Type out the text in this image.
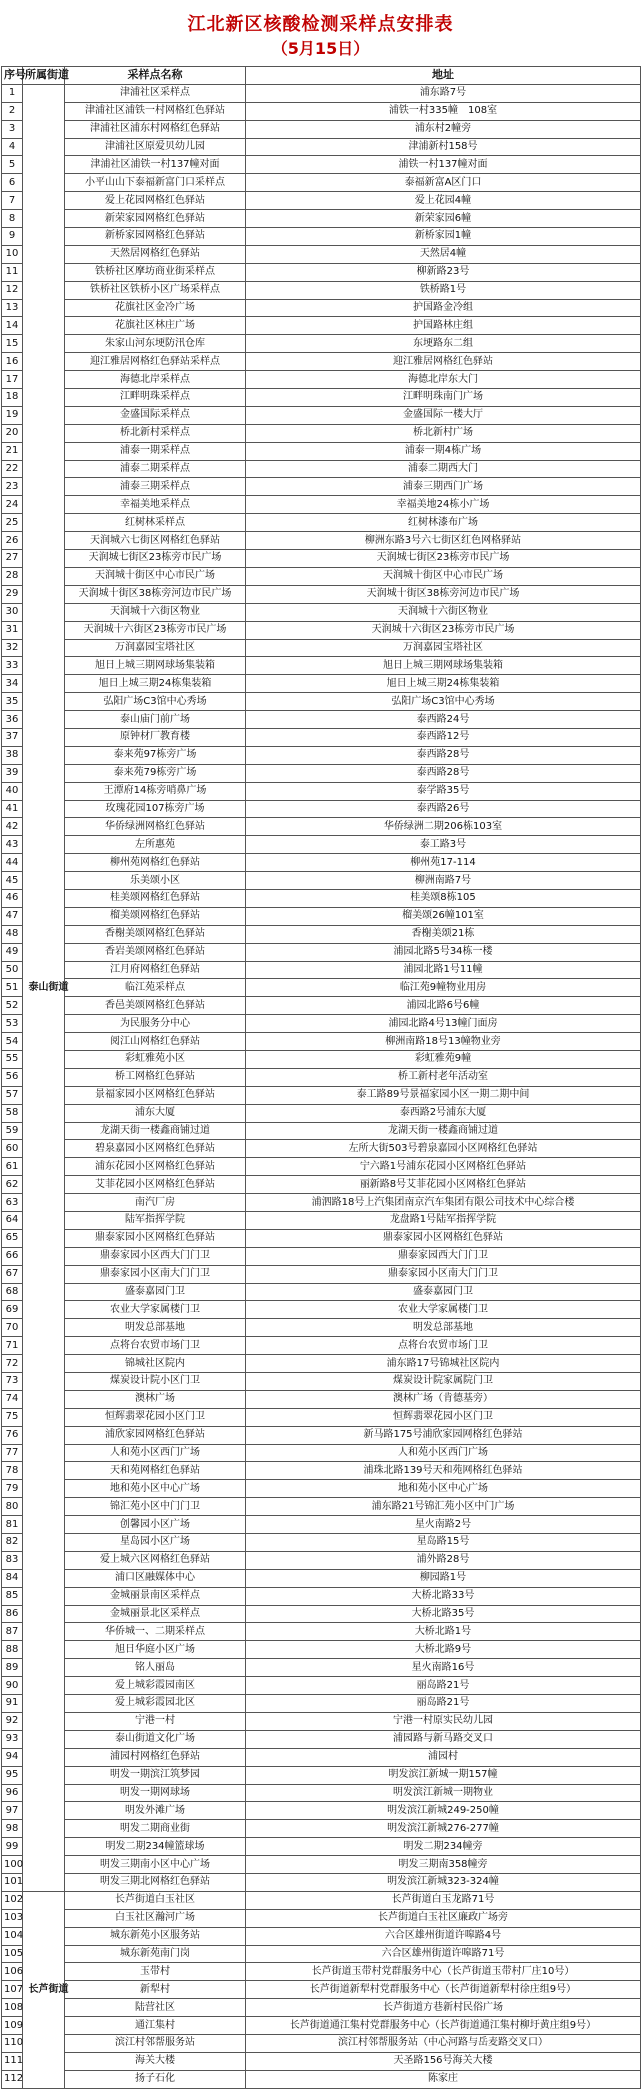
江北新区核酸检测采样点安排表
（5月15日）
序号	所属街道	采样点名称	地址
1	泰山街道	津浦社区采样点	浦东路7号
2		津浦社区浦铁一村网格红色驿站	浦铁一村335幢　108室
3		津浦社区浦东村网格红色驿站	浦东村2幢旁
4		津浦社区原爱贝幼儿园	津浦新村158号
5		津浦社区浦铁一村137幢对面	浦铁一村137幢对面
6		小平山山下泰福新富门口采样点	泰福新富A区门口
7		爱上花园网格红色驿站	爱上花园4幢
8		新荣家园网格红色驿站	新荣家园6幢
9		新桥家园网格红色驿站	新桥家园1幢
10		天然居网格红色驿站	天然居4幢
11		铁桥社区摩坊商业街采样点	柳新路23号
12		铁桥社区铁桥小区广场采样点	铁桥路1号
13		花旗社区金冷广场	护国路金冷组
14		花旗社区林庄广场	护国路林庄组
15		朱家山河东埂防汛仓库	东埂路东二组
16		迎江雅居网格红色驿站采样点	迎江雅居网格红色驿站
17		海德北岸采样点	海德北岸东大门
18		江畔明珠采样点	江畔明珠南门广场
19		金盛国际采样点	金盛国际一楼大厅
20		桥北新村采样点	桥北新村广场
21		浦泰一期采样点	浦泰一期4栋广场
22		浦泰二期采样点	浦泰二期西大门
23		浦泰三期采样点	浦泰三期西门广场
24		幸福美地采样点	幸福美地24栋小广场
25		红树林采样点	红树林漆布广场
26		天润城六七街区网格红色驿站	柳洲东路3号六七街区红色网格驿站
27		天润城七街区23栋旁市民广场	天润城七街区23栋旁市民广场
28		天润城十街区中心市民广场	天润城十街区中心市民广场
29		天润城十街区38栋旁河边市民广场	天润城十街区38栋旁河边市民广场
30		天润城十六街区物业	天润城十六街区物业
31		天润城十六街区23栋旁市民广场	天润城十六街区23栋旁市民广场
32		万润嘉园宝塔社区	万润嘉园宝塔社区
33		旭日上城三期网球场集装箱	旭日上城三期网球场集装箱
34		旭日上城三期24栋集装箱	旭日上城三期24栋集装箱
35		弘阳广场C3馆中心秀场	弘阳广场C3馆中心秀场
36		泰山庙门前广场	泰西路24号
37		原钟材厂教育楼	泰西路12号
38		泰来苑97栋旁广场	泰西路28号
39		泰来苑79栋旁广场	泰西路28号
40		王潭府14栋旁哨鼻广场	泰学路35号
41		玫瑰花园107栋旁广场	泰西路26号
42		华侨绿洲网格红色驿站	华侨绿洲二期206栋103室
43		左所惠苑	泰工路3号
44		柳州苑网格红色驿站	柳州苑17-114
45		乐美颂小区	柳洲南路7号
46		桂美颂网格红色驿站	桂美颂8栋105
47		榴美颂网格红色驿站	榴美颂26幢101室
48		香榭美颂网格红色驿站	香榭美颂21栋
49		香岩美颂网格红色驿站	浦园北路5号34栋一楼
50		江月府网格红色驿站	浦园北路1号11幢
51		临江苑采样点	临江苑9幢物业用房
52		香邑美颂网格红色驿站	浦园北路6号6幢
53		为民服务分中心	浦园北路4号13幢门面房
54		阅江山网格红色驿站	柳洲南路18号13幢物业旁
55		彩虹雅苑小区	彩虹雅苑9幢
56		桥工网格红色驿站	桥工新村老年活动室
57		景福家园小区网格红色驿站	泰工路89号景福家园小区一期二期中间
58		浦东大厦	泰西路2号浦东大厦
59		龙湖天街一楼鑫商铺过道	龙湖天街一楼鑫商铺过道
60		碧泉嘉园小区网格红色驿站	左所大街503号碧泉嘉园小区网格红色驿站
61		浦东花园小区网格红色驿站	宁六路1号浦东花园小区网格红色驿站
62		艾菲花园小区网格红色驿站	丽新路8号艾菲花园小区网格红色驿站
63		南汽厂房	浦泗路18号上汽集团南京汽车集团有限公司技术中心综合楼
64		陆军指挥学院	龙盘路1号陆军指挥学院
65		鼎泰家园小区网格红色驿站	鼎泰家园小区网格红色驿站
66		鼎泰家园小区西大门门卫	鼎泰家园西大门门卫
67		鼎泰家园小区南大门门卫	鼎泰家园小区南大门门卫
68		盛泰嘉园门卫	盛泰嘉园门卫
69		农业大学家属楼门卫	农业大学家属楼门卫
70		明发总部基地	明发总部基地
71		点将台农贸市场门卫	点将台农贸市场门卫
72		锦城社区院内	浦东路17号锦城社区院内
73		煤炭设计院小区门卫	煤炭设计院家属院门卫
74		澳林广场	澳林广场（肯德基旁）
75		恒辉翡翠花园小区门卫	恒辉翡翠花园小区门卫
76		浦欣家园网格红色驿站	新马路175号浦欣家园网格红色驿站
77		人和苑小区西门广场	人和苑小区西门广场
78		天和苑网格红色驿站	浦珠北路139号天和苑网格红色驿站
79		地和苑小区中心广场	地和苑小区中心广场
80		锦汇苑小区中门门卫	浦东路21号锦汇苑小区中门广场
81		创馨园小区广场	星火南路2号
82		星岛园小区广场	星岛路15号
83		爱上城六区网格红色驿站	浦外路28号
84		浦口区融媒体中心	柳园路1号
85		金城丽景南区采样点	大桥北路33号
86		金城丽景北区采样点	大桥北路35号
87		华侨城一、二期采样点	大桥北路1号
88		旭日华庭小区广场	大桥北路9号
89		铭人丽岛	星火南路16号
90		爱上城彩霞园南区	丽岛路21号
91		爱上城彩霞园北区	丽岛路21号
92		宁港一村	宁港一村原实民幼儿园
93		泰山街道文化广场	浦园路与新马路交叉口
94		浦园村网格红色驿站	浦园村
95		明发一期滨江筑梦园	明发滨江新城一期157幢
96		明发一期网球场	明发滨江新城一期物业
97		明发外滩广场	明发滨江新城249-250幢
98		明发二期商业街	明发滨江新城276-277幢
99		明发二期234幢篮球场	明发二期234幢旁
100		明发三期南小区中心广场	明发三期南358幢旁
101		明发三期北网格红色驿站	明发滨江新城323-324幢
102	长芦街道	长芦街道白玉社区	长芦街道白玉龙路71号
103		白玉社区瀚河广场	长芦街道白玉社区廉政广场旁
104		城东新苑小区服务站	六合区雄州街道许嗥路4号
105		城东新苑南门岗	六合区雄州街道许嗥路71号
106		玉带村	长芦街道玉带村党群服务中心（长芦街道玉带村厂庄10号）
107		新犁村	长芦街道新犁村党群服务中心（长芦街道新犁村徐庄组9号）
108		陆营社区	长芦街道方巷新村民俗广场
109		通江集村	长芦街道通江集村党群服务中心（长芦街道通江集村柳圩黄庄组9号）
110		滨江村邻帮服务站	滨江村邻帮服务站（中心河路与岳麦路交叉口）
111		海关大楼	天圣路156号海关大楼
112		扬子石化	陈家庄
